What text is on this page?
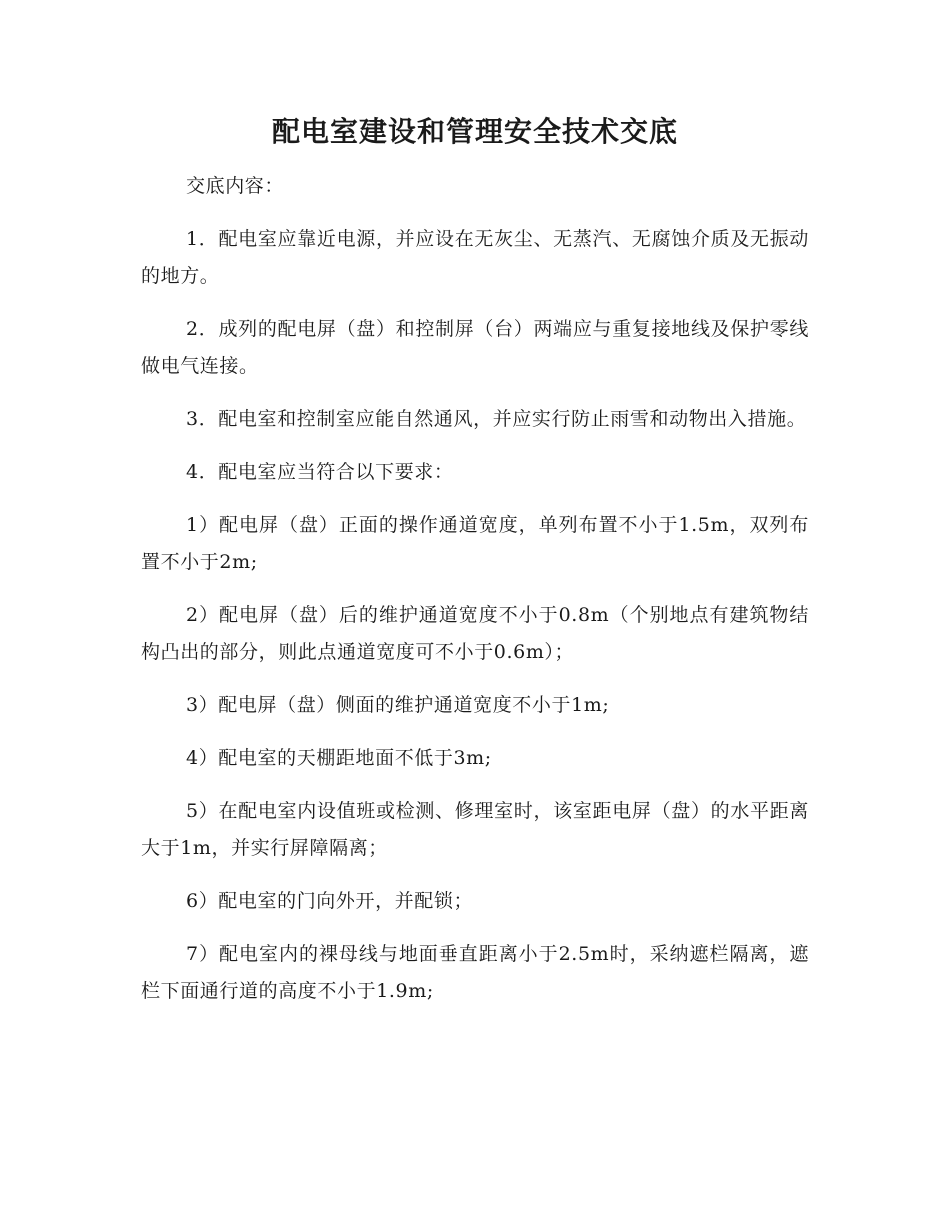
配电室建设和管理安全技术交底

交底内容：

1．配电室应靠近电源，并应设在无灰尘、无蒸汽、无腐蚀介质及无振动的地方。

2．成列的配电屏（盘）和控制屏（台）两端应与重复接地线及保护零线做电气连接。

3．配电室和控制室应能自然通风，并应实行防止雨雪和动物出入措施。

4．配电室应当符合以下要求：

1）配电屏（盘）正面的操作通道宽度，单列布置不小于1.5m，双列布置不小于2m;

2）配电屏（盘）后的维护通道宽度不小于0.8m（个别地点有建筑物结构凸出的部分，则此点通道宽度可不小于0.6m）；

3）配电屏（盘）侧面的维护通道宽度不小于1m;

4）配电室的天棚距地面不低于3m;

5）在配电室内设值班或检测、修理室时，该室距电屏（盘）的水平距离大于1m，并实行屏障隔离；

6）配电室的门向外开，并配锁；

7）配电室内的裸母线与地面垂直距离小于2.5m时，采纳遮栏隔离，遮栏下面通行道的高度不小于1.9m;
